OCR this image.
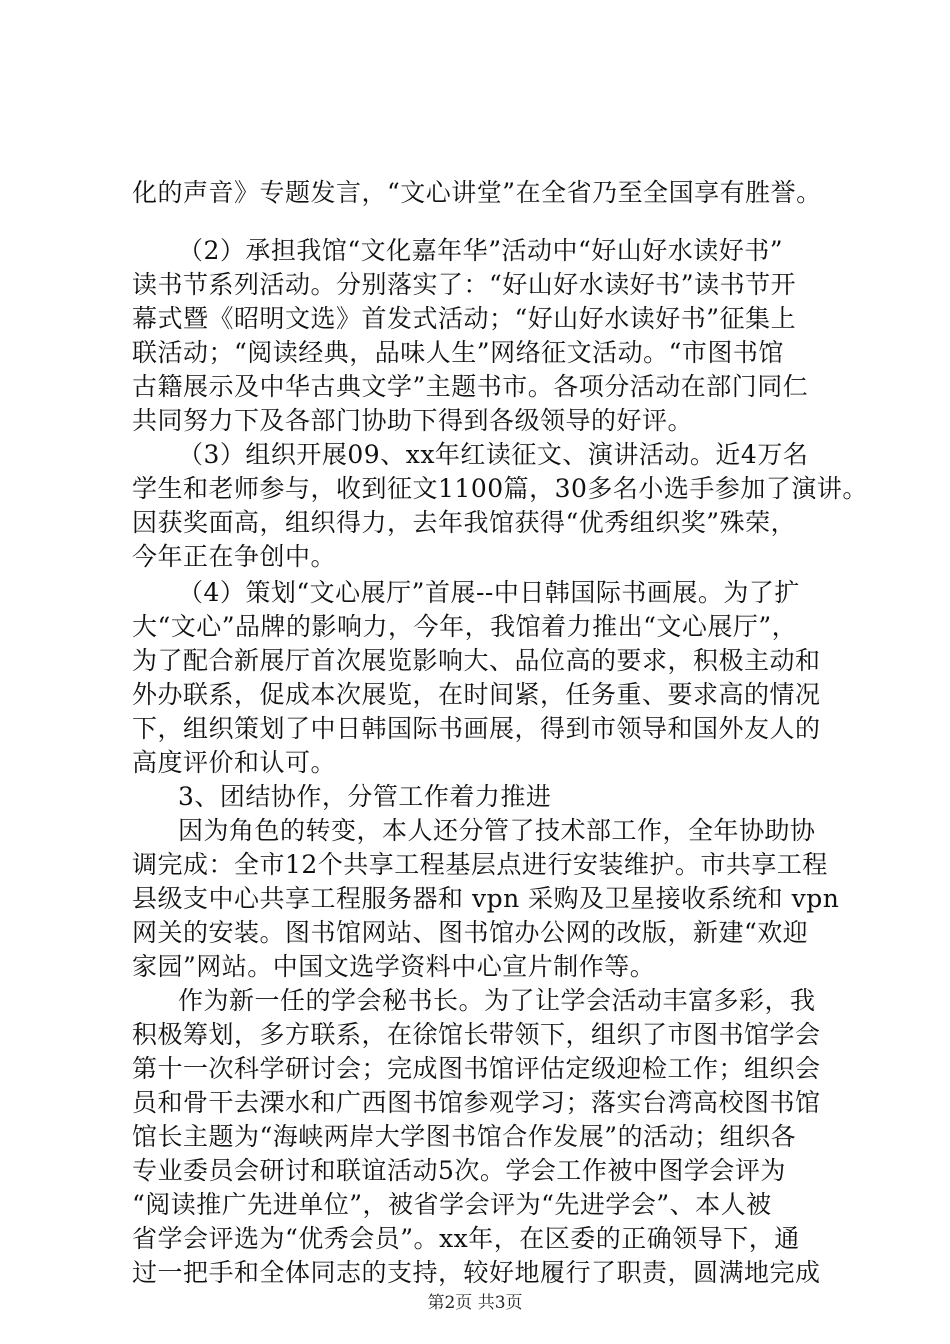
化的声音》专题发言，“文心讲堂”在全省乃至全国享有胜誉。
（2）承担我馆“文化嘉年华”活动中“好山好水读好书”
读书节系列活动。分别落实了：“好山好水读好书”读书节开
幕式暨《昭明文选》首发式活动；“好山好水读好书”征集上
联活动；“阅读经典，品味人生”网络征文活动。“市图书馆
古籍展示及中华古典文学”主题书市。各项分活动在部门同仁
共同努力下及各部门协助下得到各级领导的好评。
（3）组织开展09、xx年红读征文、演讲活动。近4万名
学生和老师参与，收到征文1100篇，30多名小选手参加了演讲。
因获奖面高，组织得力，去年我馆获得“优秀组织奖”殊荣，
今年正在争创中。
（4）策划“文心展厅”首展--中日韩国际书画展。为了扩
大“文心”品牌的影响力，今年，我馆着力推出“文心展厅”，
为了配合新展厅首次展览影响大、品位高的要求，积极主动和
外办联系，促成本次展览，在时间紧，任务重、要求高的情况
下，组织策划了中日韩国际书画展，得到市领导和国外友人的
高度评价和认可。
3、团结协作，分管工作着力推进
因为角色的转变，本人还分管了技术部工作，全年协助协
调完成：全市12个共享工程基层点进行安装维护。市共享工程
县级支中心共享工程服务器和 vpn 采购及卫星接收系统和 vpn
网关的安装。图书馆网站、图书馆办公网的改版，新建“欢迎
家园”网站。中国文选学资料中心宣片制作等。
作为新一任的学会秘书长。为了让学会活动丰富多彩，我
积极筹划，多方联系，在徐馆长带领下，组织了市图书馆学会
第十一次科学研讨会；完成图书馆评估定级迎检工作；组织会
员和骨干去溧水和广西图书馆参观学习；落实台湾高校图书馆
馆长主题为“海峡两岸大学图书馆合作发展”的活动；组织各
专业委员会研讨和联谊活动5次。学会工作被中图学会评为
“阅读推广先进单位”，被省学会评为“先进学会”、本人被
省学会评选为“优秀会员”。xx年，在区委的正确领导下，通
过一把手和全体同志的支持，较好地履行了职责，圆满地完成
第2页 共3页
